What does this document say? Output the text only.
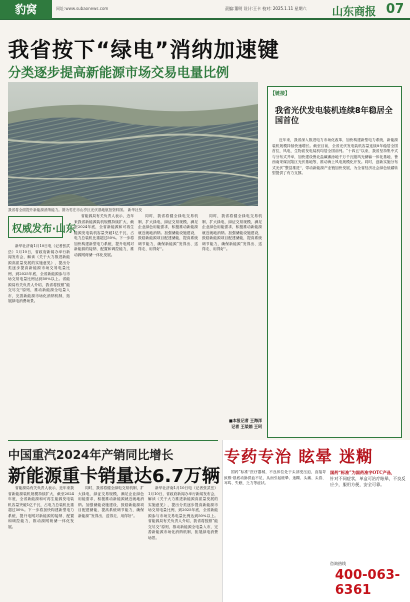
豹窝	网址:www.subaonews.com	责编:董明 设计:王卡 校对: 2025.1.11 星期六 山东商报 07
我省按下“绿电”消纳加速键
分类逐步提高新能源市场交易电量比例
我省将全面提升新能源消纳能力。图为枣庄市山亭区光伏基地航拍资料图。 新华社发
权威发布·山东

新华社济南1月10日电（记者张武岳）1月10日，省政府新闻办举行新闻发布会，解读《关于大力推进新能源高质量发展的实施意见》，提出分类逐步提高新能源市场交易电量比例，到2025年底，全省新能源参与市场交易电量比例达到50%以上。省能源局有关负责人介绍，我省将按照“能交尽交”原则，推动新能源全电量入市，完善新能源市场化消纳机制，拓展绿电消费场景。

省能源局有关负责人表示，近年来我省新能源装机规模持续扩大，截至2024年底，全省新能源和可再生能源发电装机容量突破1亿千瓦，占电力总装机比重超过50%。下一步将加快构建新型电力系统，提升电网对新能源的接纳、配置和调控能力，推动源网荷储一体化发展。

同时，我省将健全绿电交易机制，扩大绿电、绿证交易规模，满足企业绿色用能需求，积极推动新能源就近就地消纳。加强储能设施建设，鼓励新能源项目配建储能，提高系统调节能力，确保新能源“发得出、送得走、用得好”。

同时，我省将健全绿电交易机制，扩大绿电、绿证交易规模，满足企业绿色用能需求，积极推动新能源就近就地消纳。加强储能设施建设，鼓励新能源项目配建储能，提高系统调节能力，确保新能源“发得出、送得走、用得好”。

■本报记者 王海洋
记者 王琰娟 王珂
【链接】
我省光伏发电装机连续8年稳居全国首位

近年来，我省深入推进电力市场化改革，加快构建新型电力系统，新能源装机规模持续快速增长。截至目前，全省光伏发电装机容量连续8年稳居全国首位，风电、生物质发电装机均居全国前列。“十四五”以来，我省坚持集中式与分布式并举，加快建设鲁北盐碱滩涂地千万千瓦级风光储输一体化基地、鲁西南采煤沉陷区光伏基地等，推动海上风电规模化开发。同时，创新实施分布式光伏“整县推进”，带动新能源产业链加快发展，为全省经济社会绿色低碳转型提供了有力支撑。

中国重汽2024年产销同比增长
新能源重卡销量达6.7万辆

省能源局有关负责人表示，近年来我省新能源装机规模持续扩大，截至2024年底，全省新能源和可再生能源发电装机容量突破1亿千瓦，占电力总装机比重超过50%。下一步将加快构建新型电力系统，提升电网对新能源的接纳、配置和调控能力，推动源网荷储一体化发展。

同时，我省将健全绿电交易机制，扩大绿电、绿证交易规模，满足企业绿色用能需求，积极推动新能源就近就地消纳。加强储能设施建设，鼓励新能源项目配建储能，提高系统调节能力，确保新能源“发得出、送得走、用得好”。

新华社济南1月10日电（记者张武岳）1月10日，省政府新闻办举行新闻发布会，解读《关于大力推进新能源高质量发展的实施意见》，提出分类逐步提高新能源市场交易电量比例，到2025年底，全省新能源参与市场交易电量比例达到50%以上。省能源局有关负责人介绍，我省将按照“能交尽交”原则，推动新能源全电量入市，完善新能源市场化消纳机制，拓展绿电消费场景。

专药专治 眩晕 迷糊

国药“标准”医疗器械，不良体位处于头部受压迫，直接导致椎-基底动脉供血不足，从而引起眩晕、迷糊、头痛、头昏、耳鸣、失眠、乏力等症状。

国药“标准”为国药准字OTC产品，
针对不同症状，单盒可治疗眩晕，不良反应少，服用方便，安全可靠。
咨询热线
400-063-6361
